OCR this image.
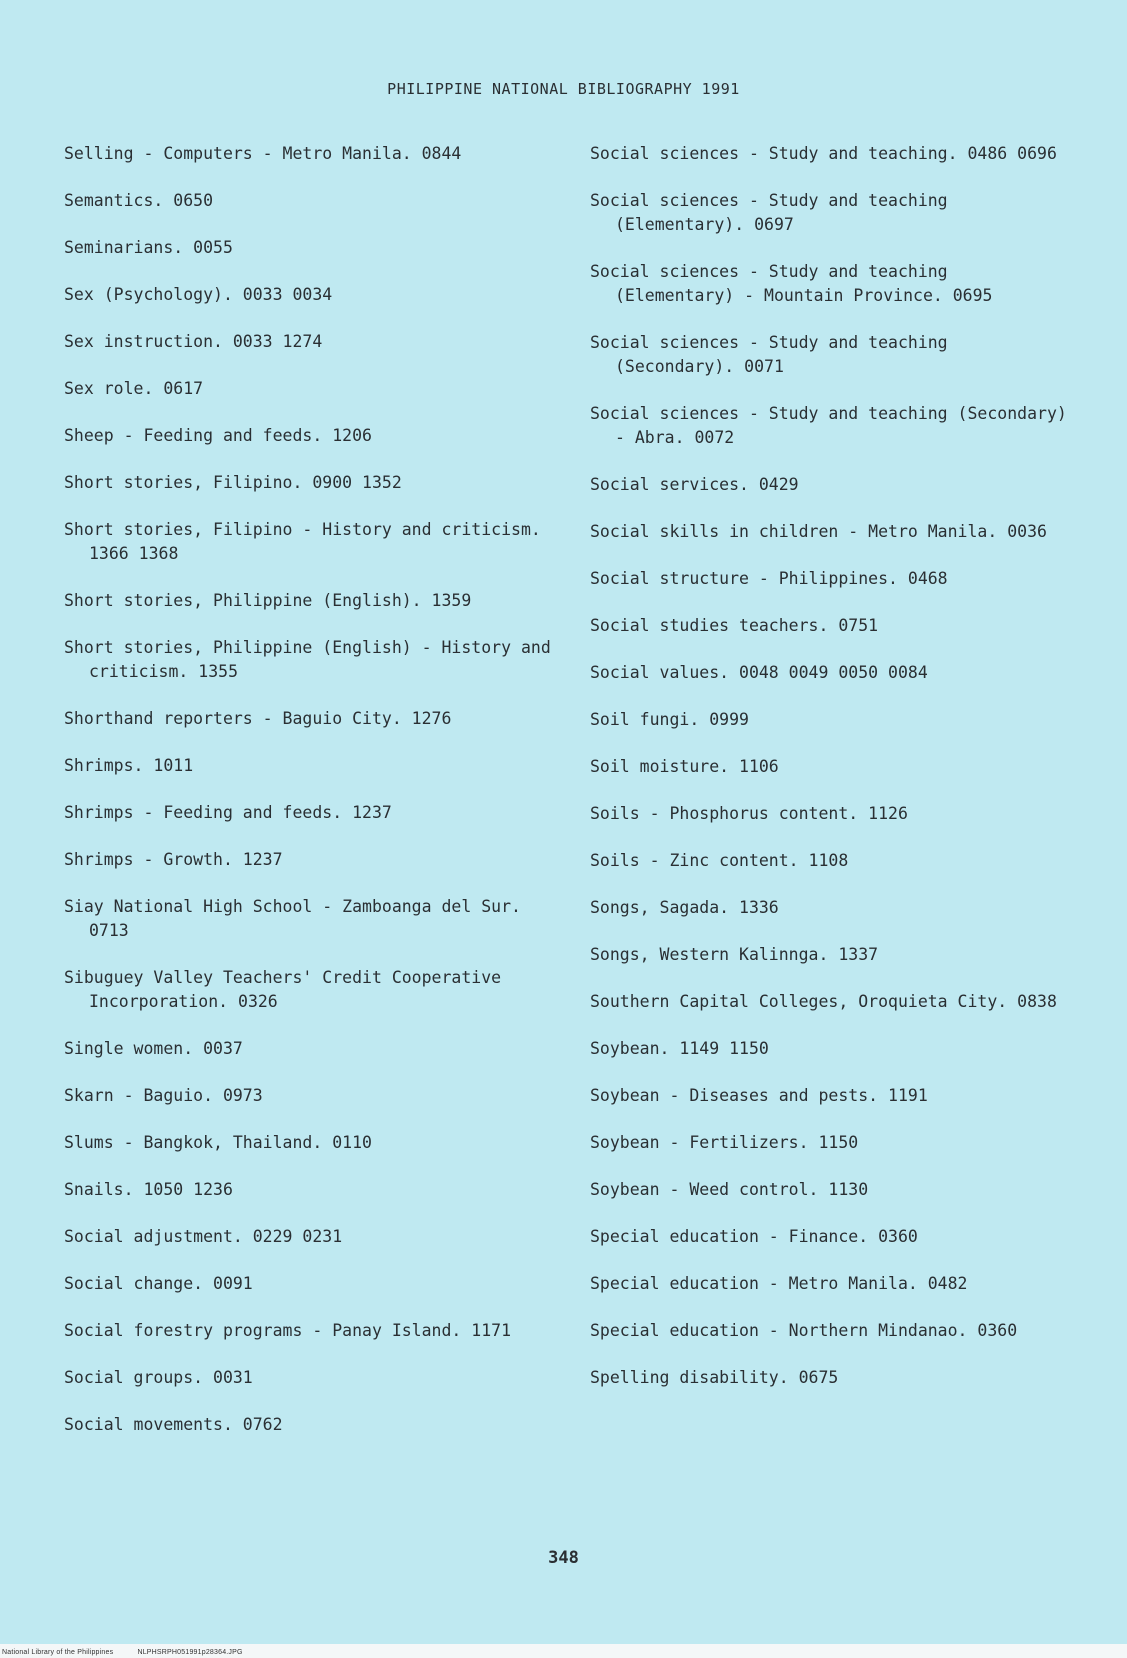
PHILIPPINE NATIONAL BIBLIOGRAPHY 1991
Selling - Computers - Metro Manila. 0844
Semantics. 0650
Seminarians. 0055
Sex (Psychology). 0033 0034
Sex instruction. 0033 1274
Sex role. 0617
Sheep - Feeding and feeds. 1206
Short stories, Filipino. 0900 1352
Short stories, Filipino - History and criticism. 1366 1368
Short stories, Philippine (English). 1359
Short stories, Philippine (English) - History and criticism. 1355
Shorthand reporters - Baguio City. 1276
Shrimps. 1011
Shrimps - Feeding and feeds. 1237
Shrimps - Growth. 1237
Siay National High School - Zamboanga del Sur. 0713
Sibuguey Valley Teachers' Credit Cooperative Incorporation. 0326
Single women. 0037
Skarn - Baguio. 0973
Slums - Bangkok, Thailand. 0110
Snails. 1050 1236
Social adjustment. 0229 0231
Social change. 0091
Social forestry programs - Panay Island. 1171
Social groups. 0031
Social movements. 0762
Social sciences - Study and teaching. 0486 0696
Social sciences - Study and teaching (Elementary). 0697
Social sciences - Study and teaching (Elementary) - Mountain Province. 0695
Social sciences - Study and teaching (Secondary). 0071
Social sciences - Study and teaching (Secondary) - Abra. 0072
Social services. 0429
Social skills in children - Metro Manila. 0036
Social structure - Philippines. 0468
Social studies teachers. 0751
Social values. 0048 0049 0050 0084
Soil fungi. 0999
Soil moisture. 1106
Soils - Phosphorus content. 1126
Soils - Zinc content. 1108
Songs, Sagada. 1336
Songs, Western Kalinnga. 1337
Southern Capital Colleges, Oroquieta City. 0838
Soybean. 1149 1150
Soybean - Diseases and pests. 1191
Soybean - Fertilizers. 1150
Soybean - Weed control. 1130
Special education - Finance. 0360
Special education - Metro Manila. 0482
Special education - Northern Mindanao. 0360
Spelling disability. 0675
348
National Library of the Philippines	NLPHSRPH051991p28364.JPG
